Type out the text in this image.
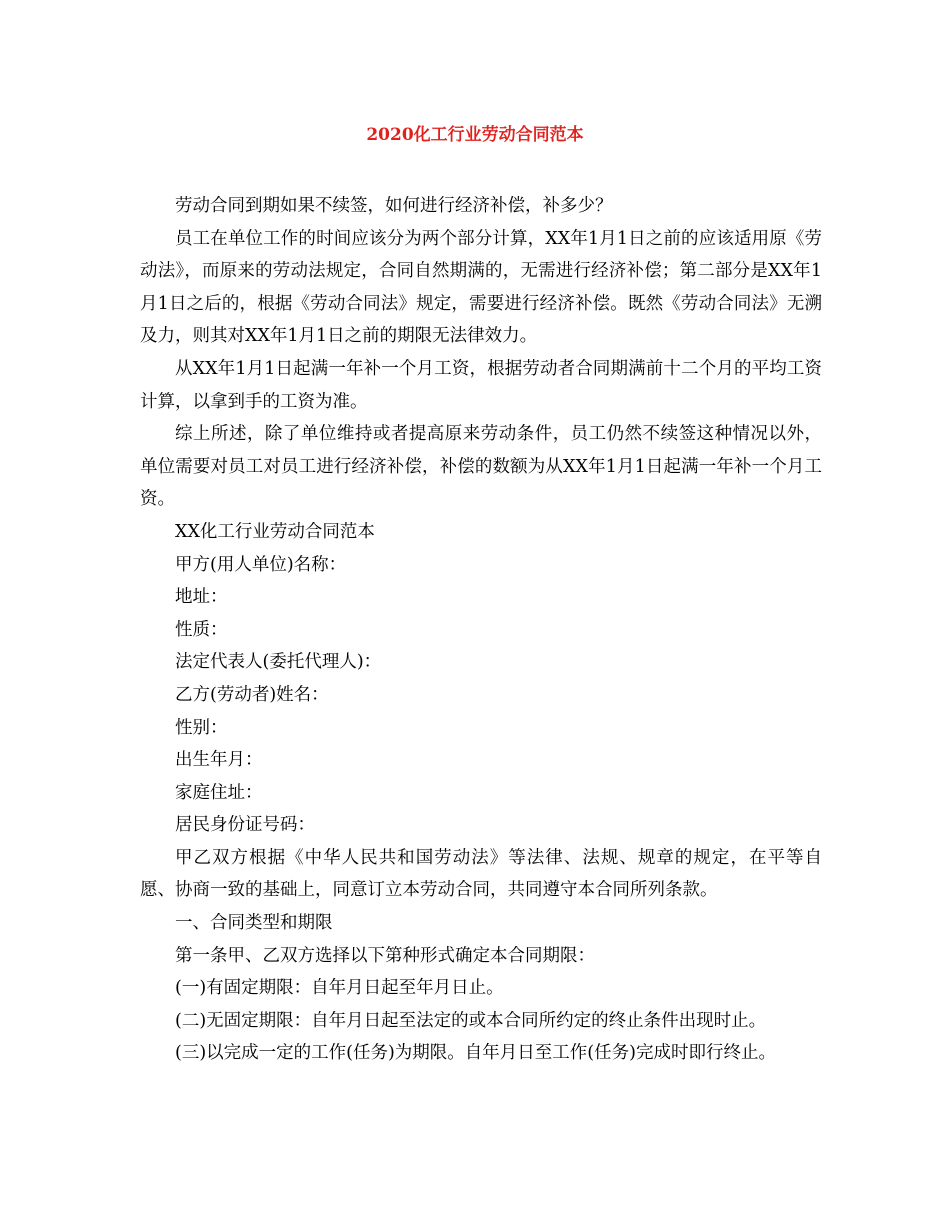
2020化工行业劳动合同范本

劳动合同到期如果不续签，如何进行经济补偿，补多少？

员工在单位工作的时间应该分为两个部分计算，XX年1月1日之前的应该适用原《劳动法》，而原来的劳动法规定，合同自然期满的，无需进行经济补偿；第二部分是XX年1月1日之后的，根据《劳动合同法》规定，需要进行经济补偿。既然《劳动合同法》无溯及力，则其对XX年1月1日之前的期限无法律效力。

从XX年1月1日起满一年补一个月工资，根据劳动者合同期满前十二个月的平均工资计算，以拿到手的工资为准。

综上所述，除了单位维持或者提高原来劳动条件，员工仍然不续签这种情况以外，单位需要对员工对员工进行经济补偿，补偿的数额为从XX年1月1日起满一年补一个月工资。

XX化工行业劳动合同范本

甲方(用人单位)名称：

地址：

性质：

法定代表人(委托代理人)：

乙方(劳动者)姓名：

性别：

出生年月：

家庭住址：

居民身份证号码：

甲乙双方根据《中华人民共和国劳动法》等法律、法规、规章的规定，在平等自愿、协商一致的基础上，同意订立本劳动合同，共同遵守本合同所列条款。

一、合同类型和期限

第一条甲、乙双方选择以下第种形式确定本合同期限：

(一)有固定期限：自年月日起至年月日止。

(二)无固定期限：自年月日起至法定的或本合同所约定的终止条件出现时止。

(三)以完成一定的工作(任务)为期限。自年月日至工作(任务)完成时即行终止。
